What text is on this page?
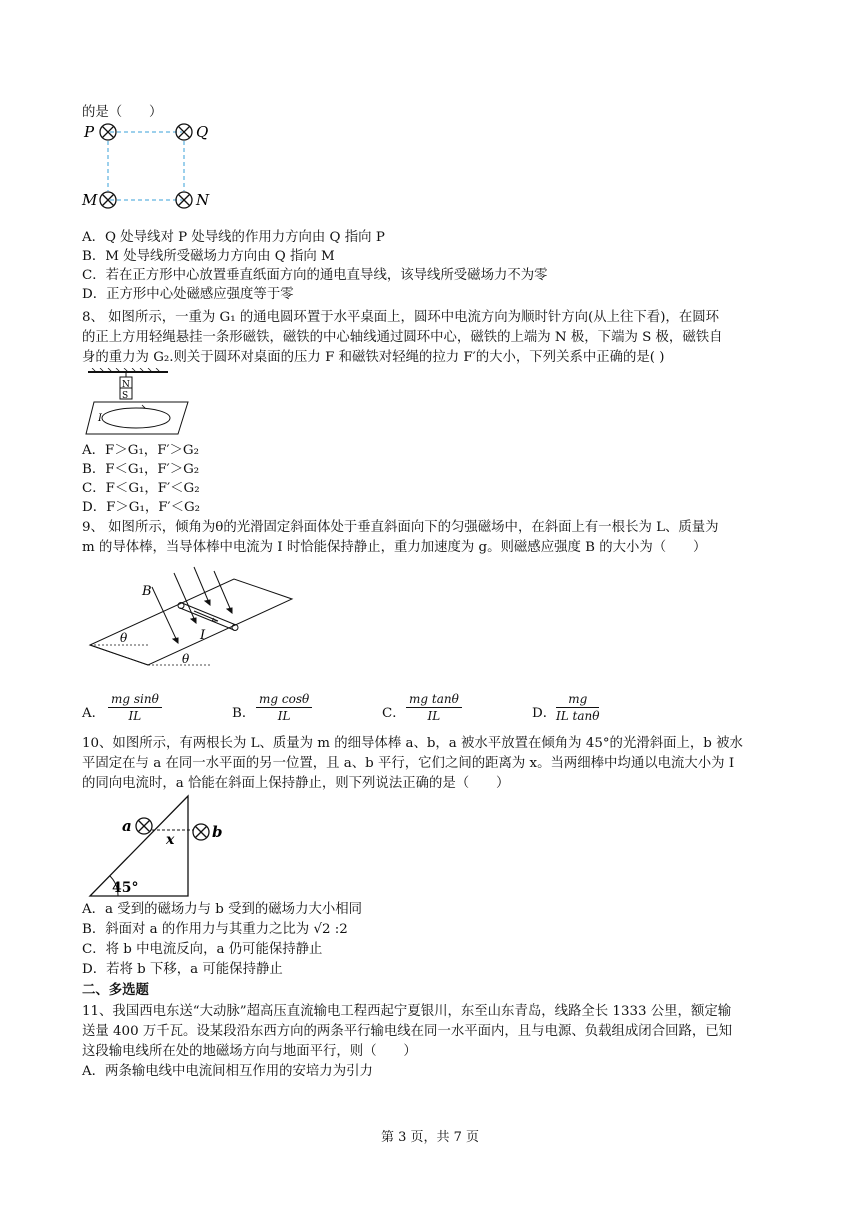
的是（　　）
P	Q
M	N
A．Q 处导线对 P 处导线的作用力方向由 Q 指向 P
B．M 处导线所受磁场力方向由 Q 指向 M
C．若在正方形中心放置垂直纸面方向的通电直导线，该导线所受磁场力不为零
D．正方形中心处磁感应强度等于零
8、 如图所示，一重为 G₁ 的通电圆环置于水平桌面上，圆环中电流方向为顺时针方向(从上往下看)，在圆环
的正上方用轻绳悬挂一条形磁铁，磁铁的中心轴线通过圆环中心，磁铁的上端为 N 极，下端为 S 极，磁铁自
身的重力为 G₂.则关于圆环对桌面的压力 F 和磁铁对轻绳的拉力 F′的大小，下列关系中正确的是( )
N
S
I
A．F＞G₁，F′＞G₂
B．F＜G₁，F′＞G₂
C．F＜G₁，F′＜G₂
D．F＞G₁，F′＜G₂
9、 如图所示，倾角为θ的光滑固定斜面体处于垂直斜面向下的匀强磁场中，在斜面上有一根长为 L、质量为
m 的导体棒，当导体棒中电流为 I 时恰能保持静止，重力加速度为 g。则磁感应强度 B 的大小为（　　）
θ
θ
B
I
A． $\frac{\text{mg sinθ}}{IL}$	B． $\frac{\text{mg cosθ}}{IL}$	C． $\frac{\text{mg tanθ}}{IL}$	D． $\frac{mg}{\text{IL tanθ}}$
10、如图所示，有两根长为 L、质量为 m 的细导体棒 a、b，a 被水平放置在倾角为 45°的光滑斜面上，b 被水
平固定在与 a 在同一水平面的另一位置，且 a、b 平行，它们之间的距离为 x。当两细棒中均通以电流大小为 I
的同向电流时，a 恰能在斜面上保持静止，则下列说法正确的是（　　）
45°
a	b
x
A．a 受到的磁场力与 b 受到的磁场力大小相同
B．斜面对 a 的作用力与其重力之比为 √2 :2
C．将 b 中电流反向，a 仍可能保持静止
D．若将 b 下移，a 可能保持静止
二、多选题
11、我国西电东送“大动脉”超高压直流输电工程西起宁夏银川，东至山东青岛，线路全长 1333 公里，额定输
送量 400 万千瓦。设某段沿东西方向的两条平行输电线在同一水平面内，且与电源、负载组成闭合回路，已知
这段输电线所在处的地磁场方向与地面平行，则（　　）
A．两条输电线中电流间相互作用的安培力为引力
第 3 页，共 7 页
